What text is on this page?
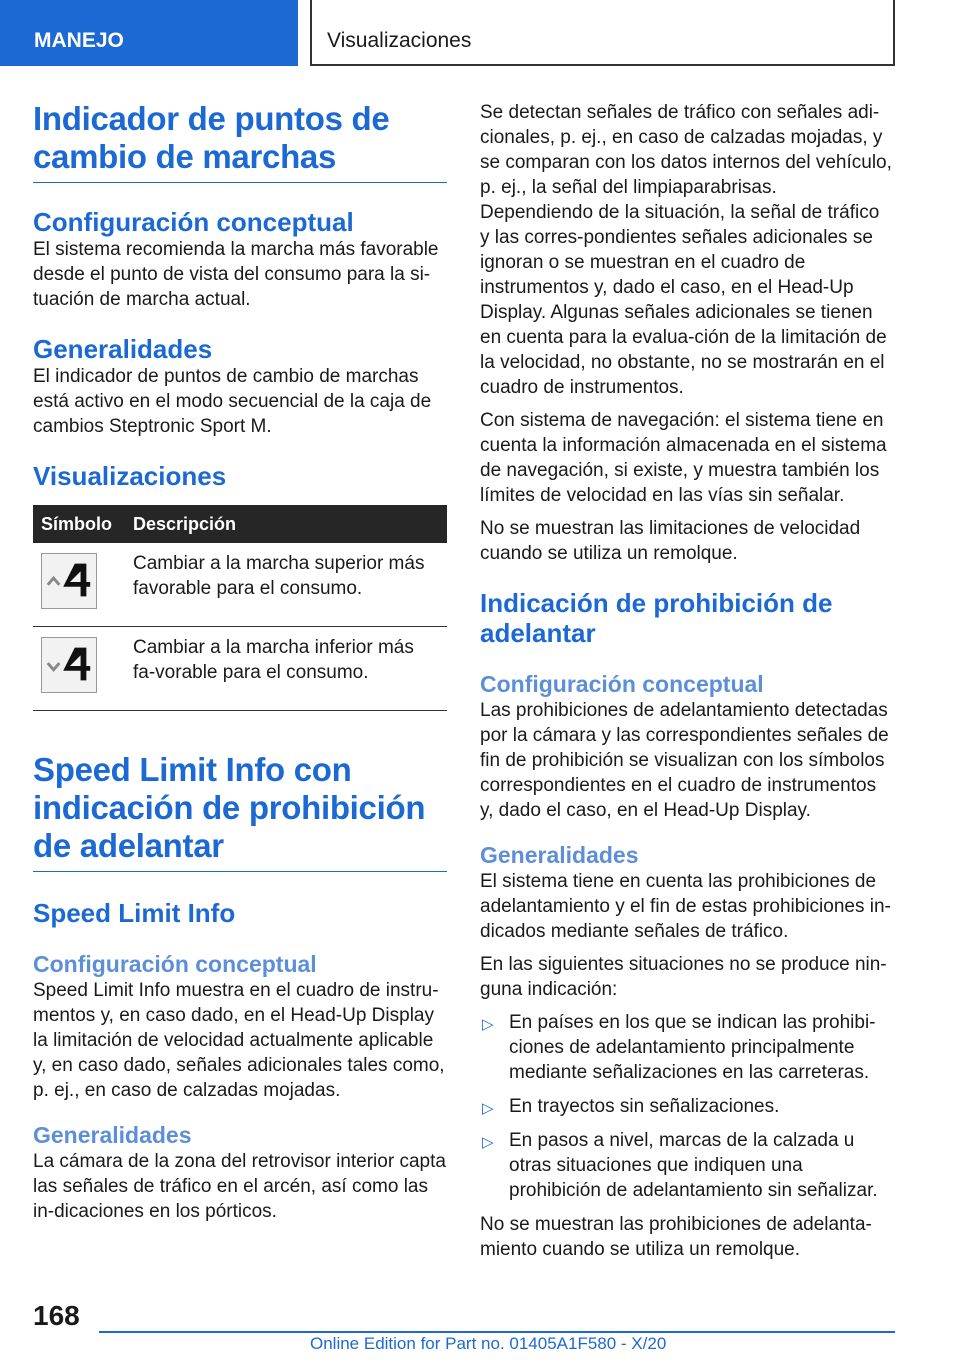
MANEJO	Visualizaciones
Indicador de puntos de cambio de marchas
Configuración conceptual

El sistema recomienda la marcha más favorable desde el punto de vista del consumo para la si-tuación de marcha actual.

Generalidades

El indicador de puntos de cambio de marchas está activo en el modo secuencial de la caja de cambios Steptronic Sport M.

Visualizaciones
Símbolo	Descripción
	Cambiar a la marcha superior más favorable para el consumo.
	Cambiar a la marcha inferior más fa-vorable para el consumo.
Speed Limit Info con indicación de prohibición de adelantar
Speed Limit Info
Configuración conceptual

Speed Limit Info muestra en el cuadro de instru-mentos y, en caso dado, en el Head-Up Display la limitación de velocidad actualmente aplicable y, en caso dado, señales adicionales tales como, p. ej., en caso de calzadas mojadas.

Generalidades

La cámara de la zona del retrovisor interior capta las señales de tráfico en el arcén, así como las in-dicaciones en los pórticos.

Se detectan señales de tráfico con señales adi-cionales, p. ej., en caso de calzadas mojadas, y se comparan con los datos internos del vehículo, p. ej., la señal del limpiaparabrisas. Dependiendo de la situación, la señal de tráfico y las corres-pondientes señales adicionales se ignoran o se muestran en el cuadro de instrumentos y, dado el caso, en el Head-Up Display. Algunas señales adicionales se tienen en cuenta para la evalua-ción de la limitación de la velocidad, no obstante, no se mostrarán en el cuadro de instrumentos.

Con sistema de navegación: el sistema tiene en cuenta la información almacenada en el sistema de navegación, si existe, y muestra también los límites de velocidad en las vías sin señalar.

No se muestran las limitaciones de velocidad cuando se utiliza un remolque.

Indicación de prohibición de adelantar
Configuración conceptual

Las prohibiciones de adelantamiento detectadas por la cámara y las correspondientes señales de fin de prohibición se visualizan con los símbolos correspondientes en el cuadro de instrumentos y, dado el caso, en el Head-Up Display.

Generalidades

El sistema tiene en cuenta las prohibiciones de adelantamiento y el fin de estas prohibiciones in-dicados mediante señales de tráfico.

En las siguientes situaciones no se produce nin-guna indicación:

▷ En países en los que se indican las prohibi-ciones de adelantamiento principalmente mediante señalizaciones en las carreteras.
▷ En trayectos sin señalizaciones.
▷ En pasos a nivel, marcas de la calzada u otras situaciones que indiquen una prohibición de adelantamiento sin señalizar.

No se muestran las prohibiciones de adelanta-miento cuando se utiliza un remolque.

168
Online Edition for Part no. 01405A1F580 - X/20
